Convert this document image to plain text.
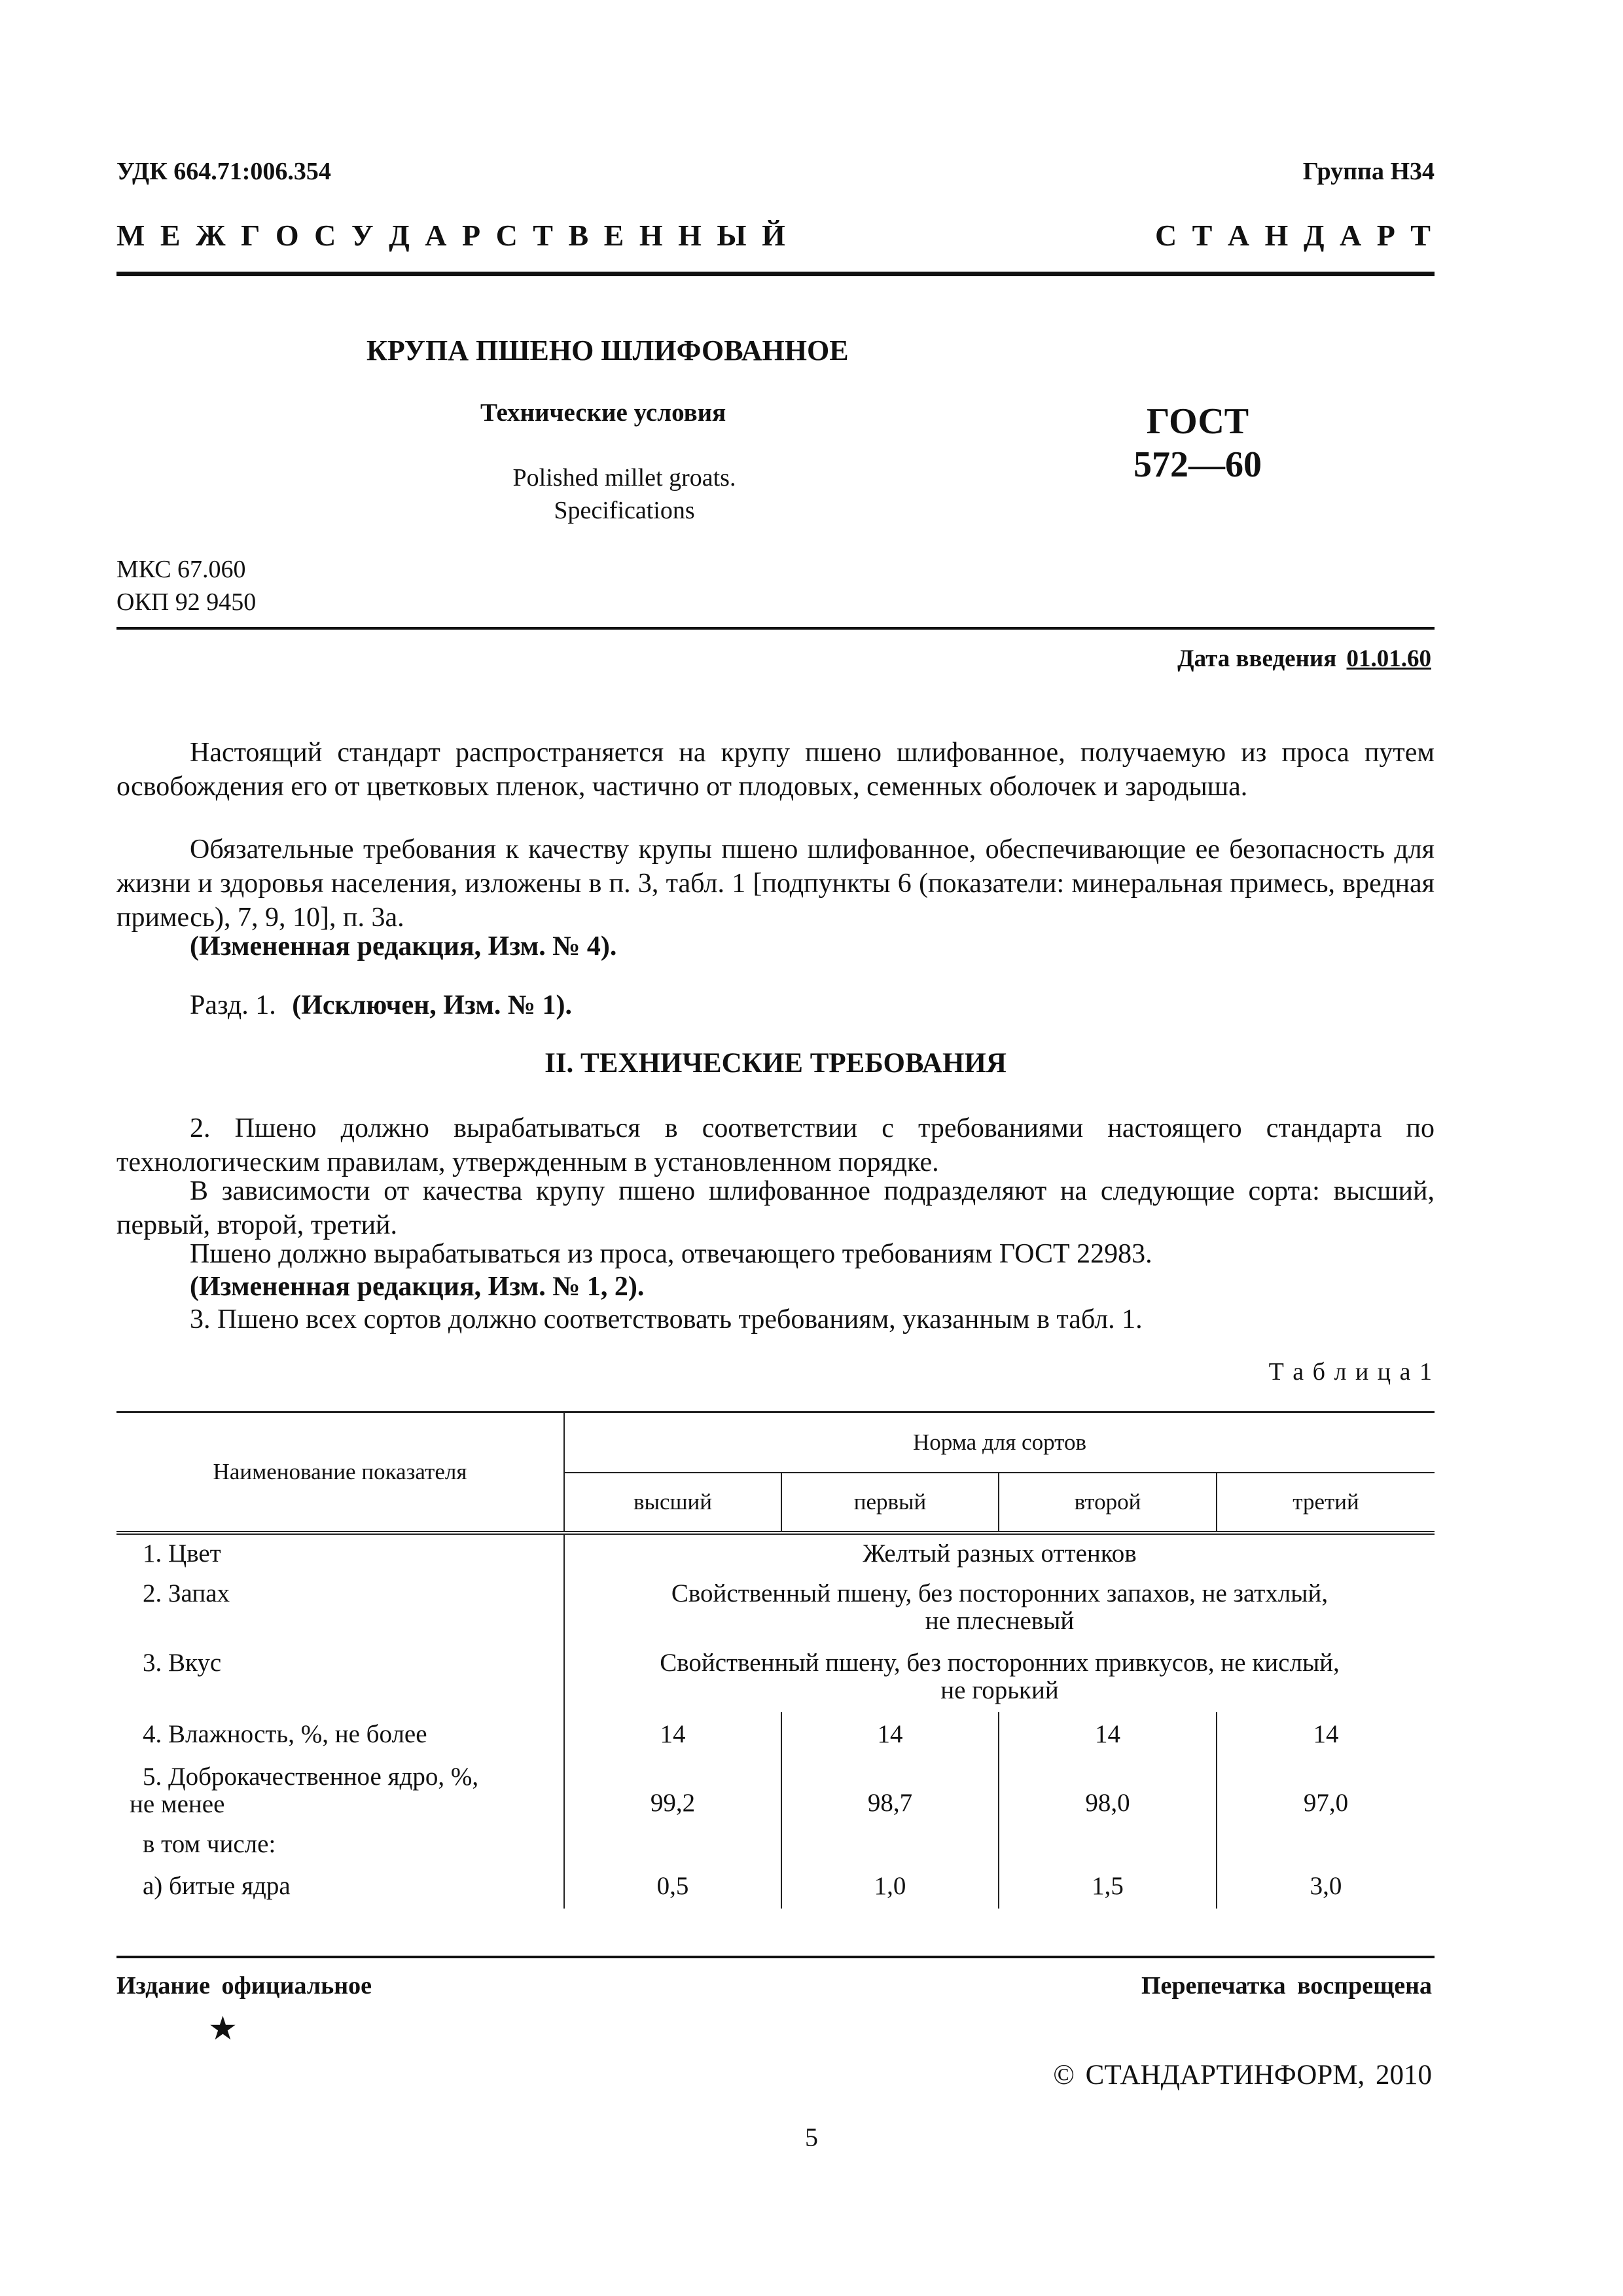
УДК 664.71:006.354	Группа Н34
М Е Ж Г О С У Д А Р С Т В Е Н Н Ы Й	С Т А Н Д А Р Т
КРУПА ПШЕНО ШЛИФОВАННОЕ
Технические условия
Polished millet groats.
Specifications
ГОСТ
572—60
МКС 67.060
ОКП 92 9450
Дата введения 01.01.60
Настоящий стандарт распространяется на крупу пшено шлифованное, получаемую из проса путем освобождения его от цветковых пленок, частично от плодовых, семенных оболочек и зародыша.
Обязательные требования к качеству крупы пшено шлифованное, обеспечивающие ее безопасность для жизни и здоровья населения, изложены в п. 3, табл. 1 [подпункты 6 (показатели: минеральная примесь, вредная примесь), 7, 9, 10], п. 3а.
(Измененная редакция, Изм. № 4).
Разд. 1. (Исключен, Изм. № 1).
II. ТЕХНИЧЕСКИЕ ТРЕБОВАНИЯ
2. Пшено должно вырабатываться в соответствии с требованиями настоящего стандарта по технологическим правилам, утвержденным в установленном порядке.
В зависимости от качества крупу пшено шлифованное подразделяют на следующие сорта: высший, первый, второй, третий.
Пшено должно вырабатываться из проса, отвечающего требованиям ГОСТ 22983.
(Измененная редакция, Изм. № 1, 2).
3. Пшено всех сортов должно соответствовать требованиям, указанным в табл. 1.
Т а б л и ц а 1
Наименование показателя	Норма для сортов			
	высший	первый	второй	третий
1. Цвет	Желтый разных оттенков			
2. Запах	Свойственный пшену, без посторонних запахов, не затхлый,
не плесневый			

3. Вкус	Свойственный пшену, без посторонних привкусов, не кислый,
не горький			

4. Влажность, %, не более	14	14	14	14

5. Доброкачественное ядро, %,
не менее	99,2	98,7	98,0	97,0
в том числе:				
а) битые ядра	0,5	1,0	1,5	3,0
Издание официальное	Перепечатка воспрещена
★
© СТАНДАРТИНФОРМ, 2010
5
